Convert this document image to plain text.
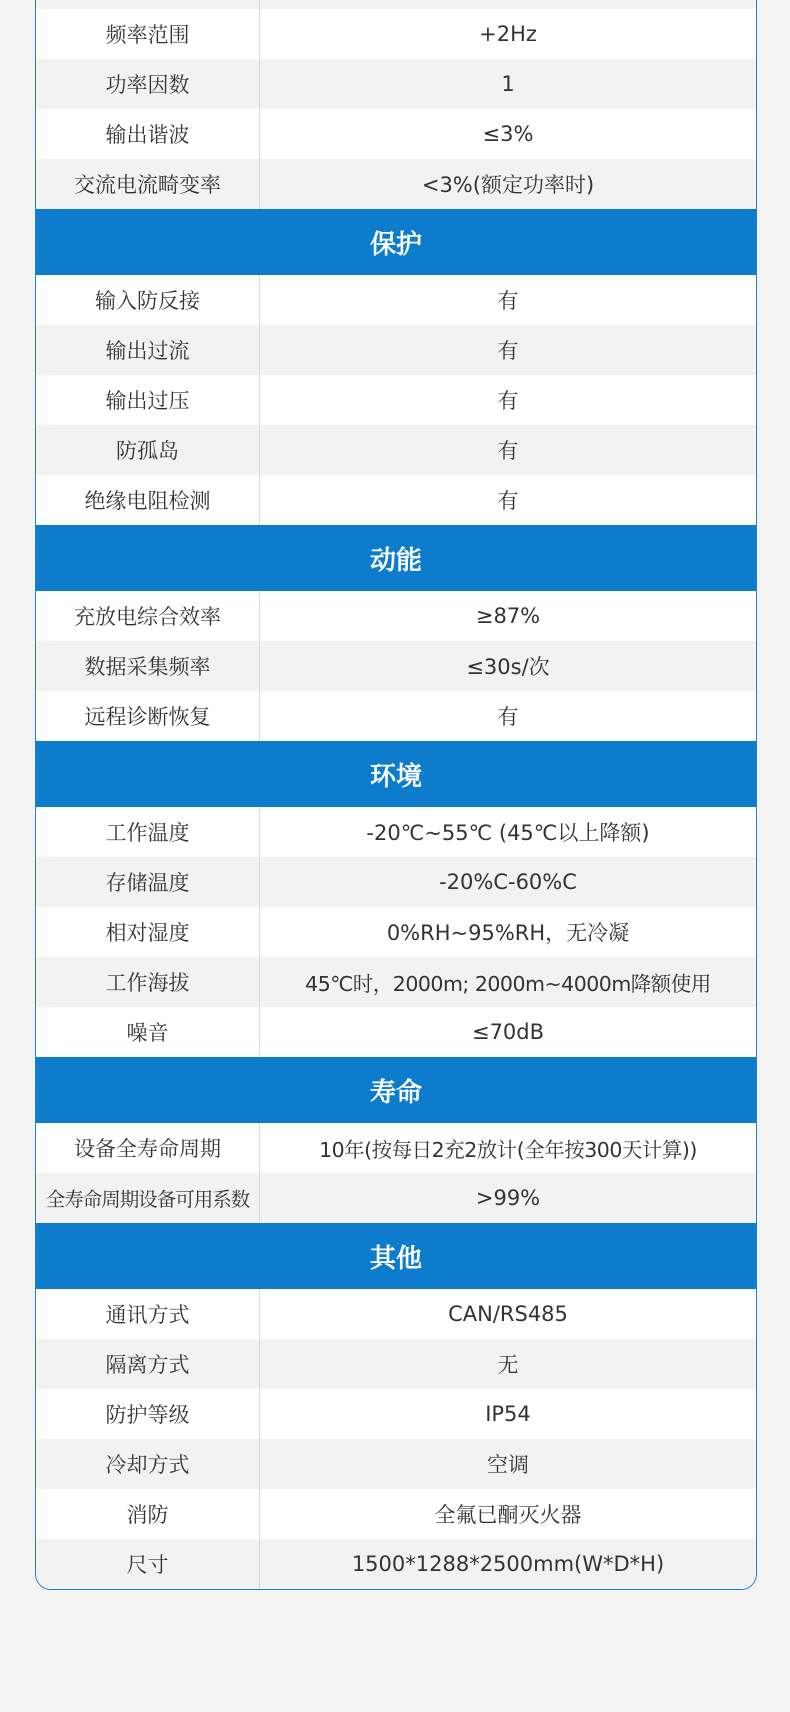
频率范围	+2Hz
功率因数	1
输出谐波	≤3%
交流电流畸变率	<3%(额定功率时)
保护
输入防反接	有
输出过流	有
输出过压	有
防孤岛	有
绝缘电阻检测	有
动能
充放电综合效率	≥87%
数据采集频率	≤30s/次
远程诊断恢复	有
环境
工作温度	-20℃~55℃ (45℃以上降额)
存储温度	-20%C-60%C
相对湿度	0%RH~95%RH，无冷凝
工作海拔	45℃时，2000m; 2000m~4000m降额使用
噪音	≤70dB
寿命
设备全寿命周期	10年(按每日2充2放计(全年按300天计算))
全寿命周期设备可用系数	>99%
其他
通讯方式	CAN/RS485
隔离方式	无
防护等级	IP54
冷却方式	空调
消防	全氟已酮灭火器
尺寸	1500*1288*2500mm(W*D*H)
